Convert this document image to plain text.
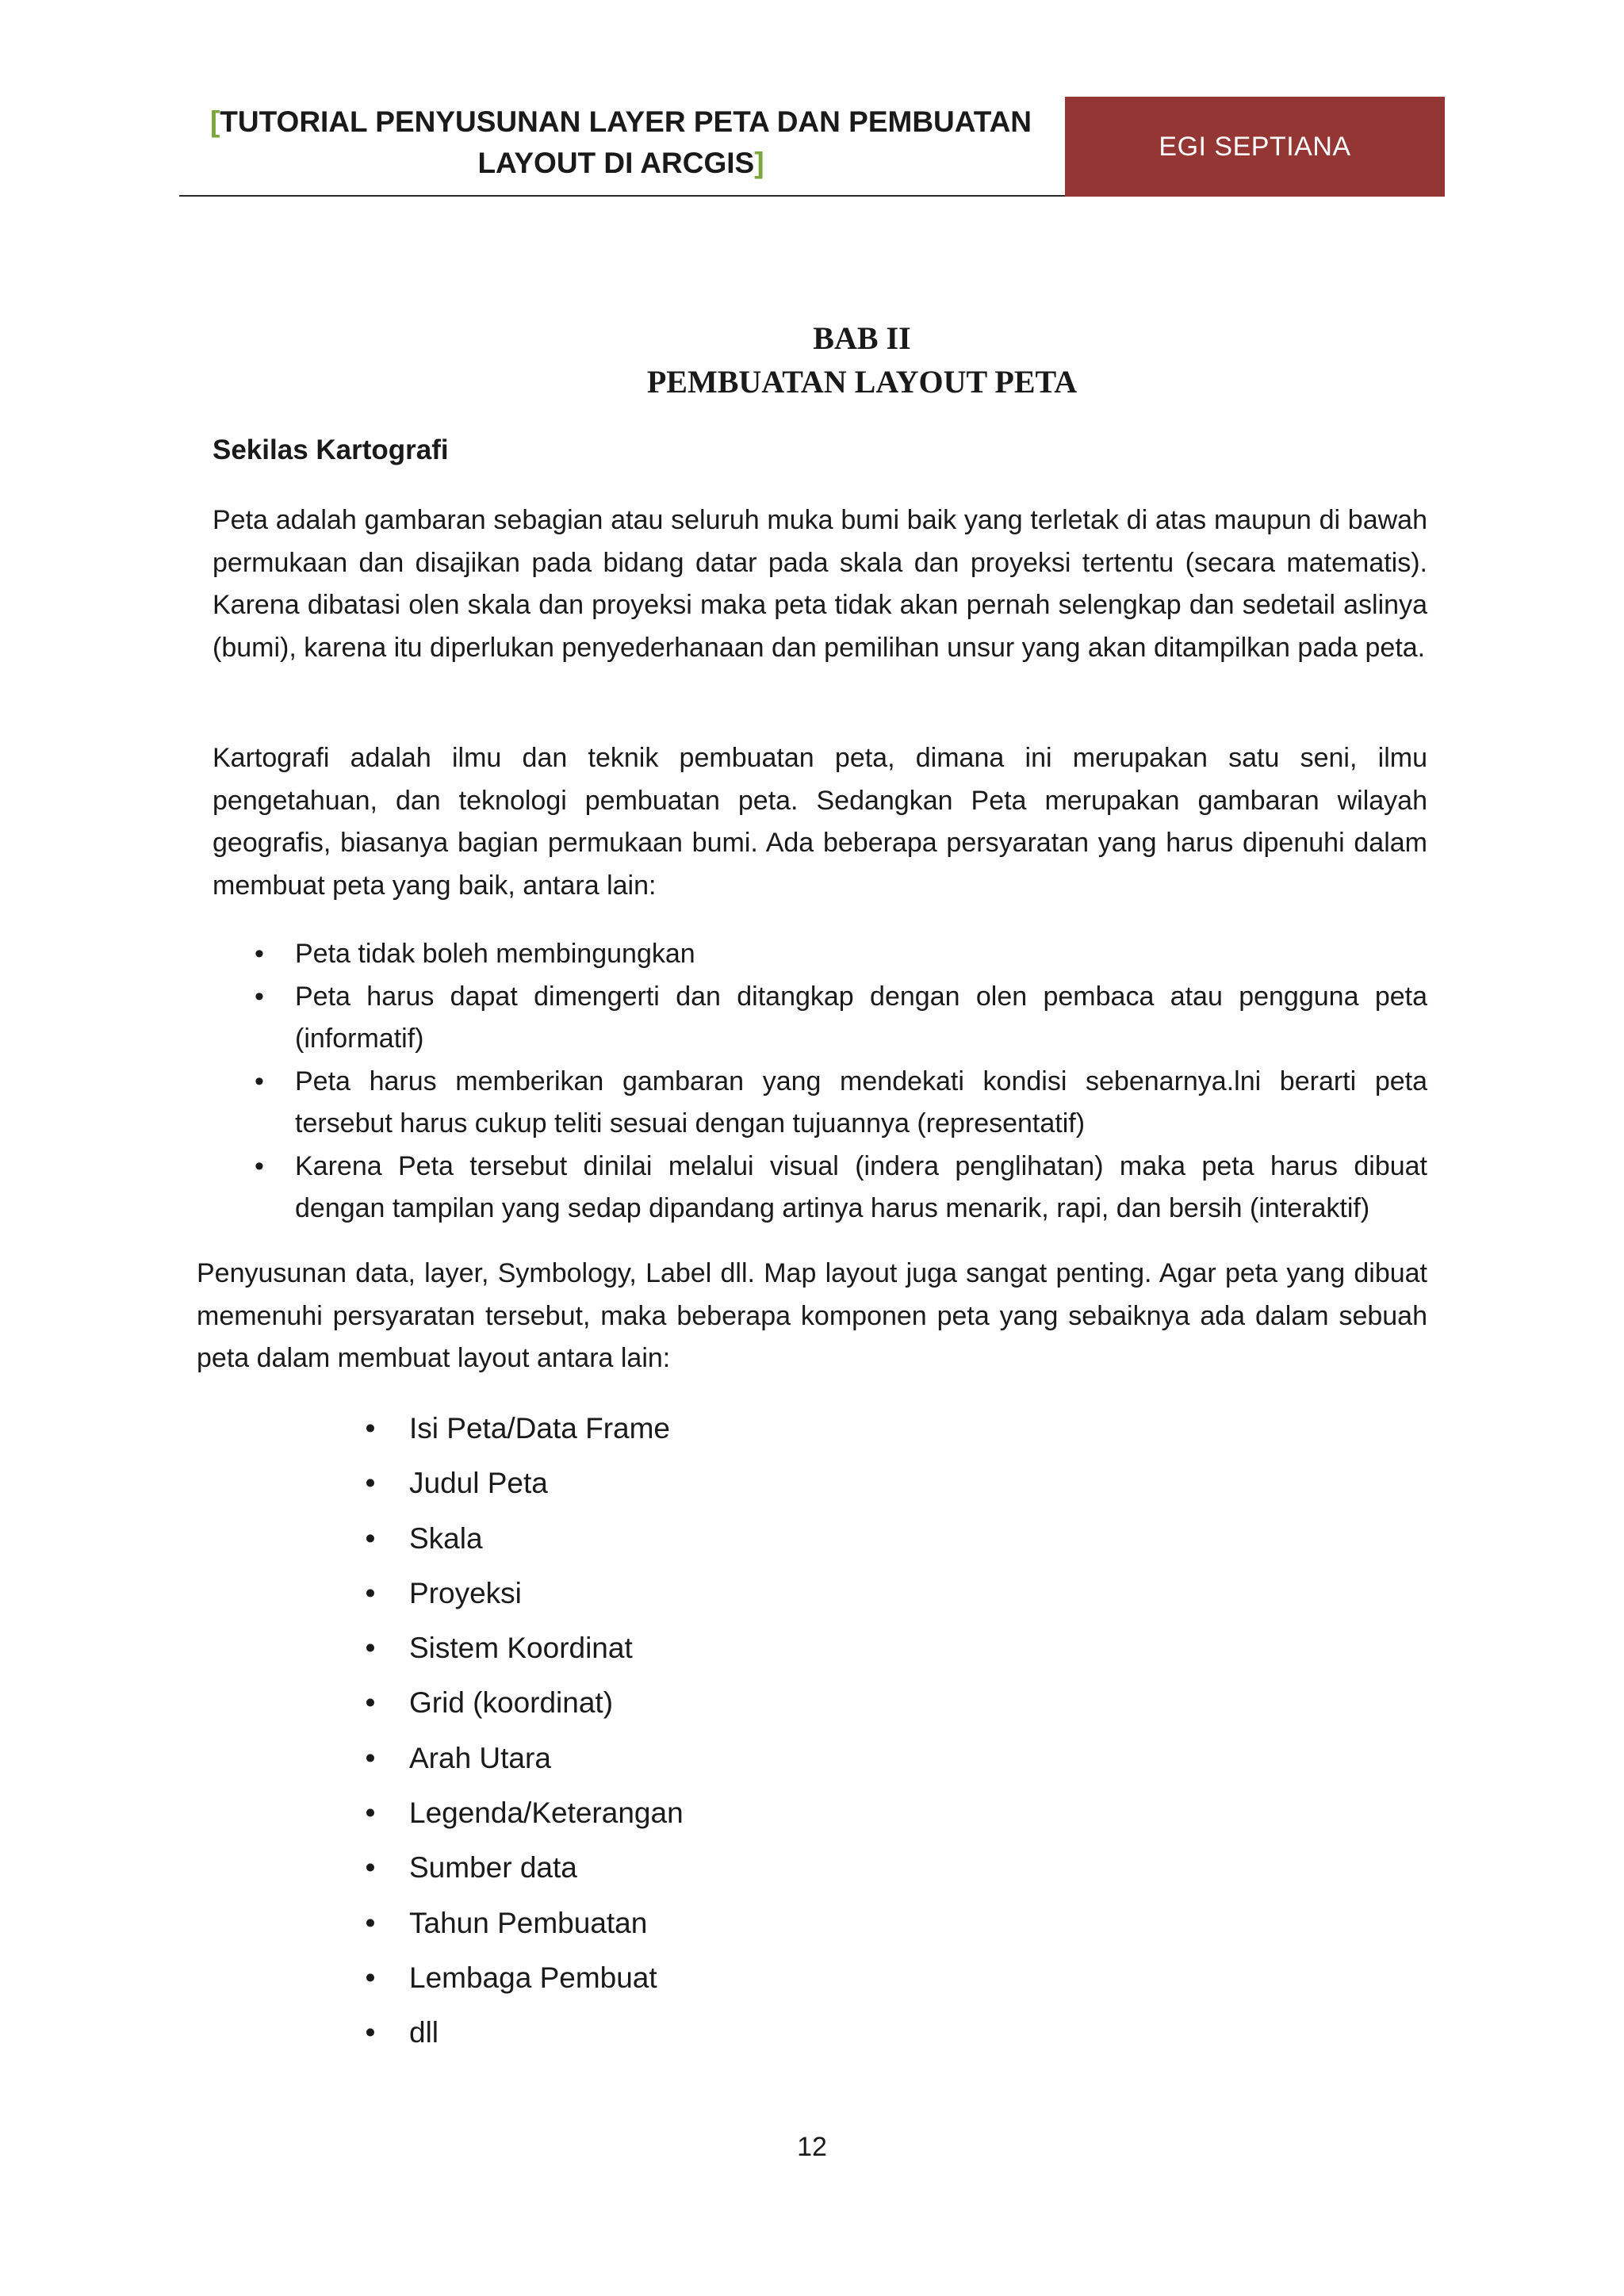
[TUTORIAL PENYUSUNAN LAYER PETA DAN PEMBUATAN
LAYOUT DI ARCGIS]
EGI SEPTIANA
BAB II
PEMBUATAN LAYOUT PETA
Sekilas Kartografi

Peta adalah gambaran sebagian atau seluruh muka bumi baik yang terletak di atas maupun di bawah permukaan dan disajikan pada bidang datar pada skala dan proyeksi tertentu (secara matematis). Karena dibatasi olen skala dan proyeksi maka peta tidak akan pernah selengkap dan sedetail aslinya (bumi), karena itu diperlukan penyederhanaan dan pemilihan unsur yang akan ditampilkan pada peta.

Kartografi adalah ilmu dan teknik pembuatan peta, dimana ini merupakan satu seni, ilmu pengetahuan, dan teknologi pembuatan peta. Sedangkan Peta merupakan gambaran wilayah geografis, biasanya bagian permukaan bumi. Ada beberapa persyaratan yang harus dipenuhi dalam membuat peta yang baik, antara lain:

• Peta tidak boleh membingungkan
• Peta harus dapat dimengerti dan ditangkap dengan olen pembaca atau pengguna peta (informatif)
• Peta harus memberikan gambaran yang mendekati kondisi sebenarnya.lni berarti peta tersebut harus cukup teliti sesuai dengan tujuannya (representatif)
• Karena Peta tersebut dinilai melalui visual (indera penglihatan) maka peta harus dibuat dengan tampilan yang sedap dipandang artinya harus menarik, rapi, dan bersih (interaktif)

Penyusunan data, layer, Symbology, Label dll. Map layout juga sangat penting. Agar peta yang dibuat memenuhi persyaratan tersebut, maka beberapa komponen peta yang sebaiknya ada dalam sebuah peta dalam membuat layout antara lain:

• Isi Peta/Data Frame
• Judul Peta
• Skala
• Proyeksi
• Sistem Koordinat
• Grid (koordinat)
• Arah Utara
• Legenda/Keterangan
• Sumber data
• Tahun Pembuatan
• Lembaga Pembuat
• dll
12
